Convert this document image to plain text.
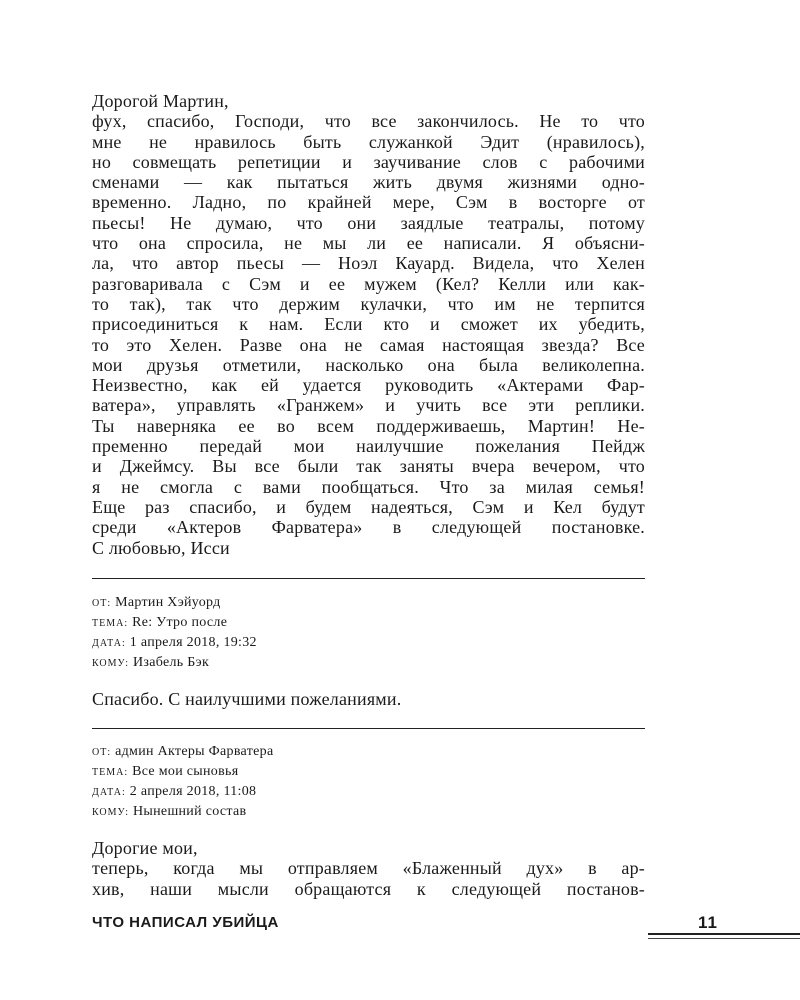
Дорогой Мартин,
фух, спасибо, Господи, что все закончилось. Не то что
мне не нравилось быть служанкой Эдит (нравилось),
но совмещать репетиции и заучивание слов с рабочими
сменами — как пытаться жить двумя жизнями одно-
временно. Ладно, по крайней мере, Сэм в восторге от
пьесы! Не думаю, что они заядлые театралы, потому
что она спросила, не мы ли ее написали. Я объясни-
ла, что автор пьесы — Ноэл Кауард. Видела, что Хелен
разговаривала с Сэм и ее мужем (Кел? Келли или как-
то так), так что держим кулачки, что им не терпится
присоединиться к нам. Если кто и сможет их убедить,
то это Хелен. Разве она не самая настоящая звезда? Все
мои друзья отметили, насколько она была великолепна.
Неизвестно, как ей удается руководить «Актерами Фар-
ватера», управлять «Гранжем» и учить все эти реплики.
Ты наверняка ее во всем поддерживаешь, Мартин! Не-
пременно передай мои наилучшие пожелания Пейдж
и Джеймсу. Вы все были так заняты вчера вечером, что
я не смогла с вами пообщаться. Что за милая семья!
Еще раз спасибо, и будем надеяться, Сэм и Кел будут
среди «Актеров Фарватера» в следующей постановке.
С любовью, Исси
ОТ: Мартин Хэйуорд
ТЕМА: Re: Утро после
ДАТА: 1 апреля 2018, 19:32
КОМУ: Изабель Бэк
Спасибо. С наилучшими пожеланиями.
ОТ: админ Актеры Фарватера
ТЕМА: Все мои сыновья
ДАТА: 2 апреля 2018, 11:08
КОМУ: Нынешний состав
Дорогие мои,
теперь, когда мы отправляем «Блаженный дух» в ар-
хив, наши мысли обращаются к следующей постанов-
ЧТО НАПИСАЛ УБИЙЦА	11
